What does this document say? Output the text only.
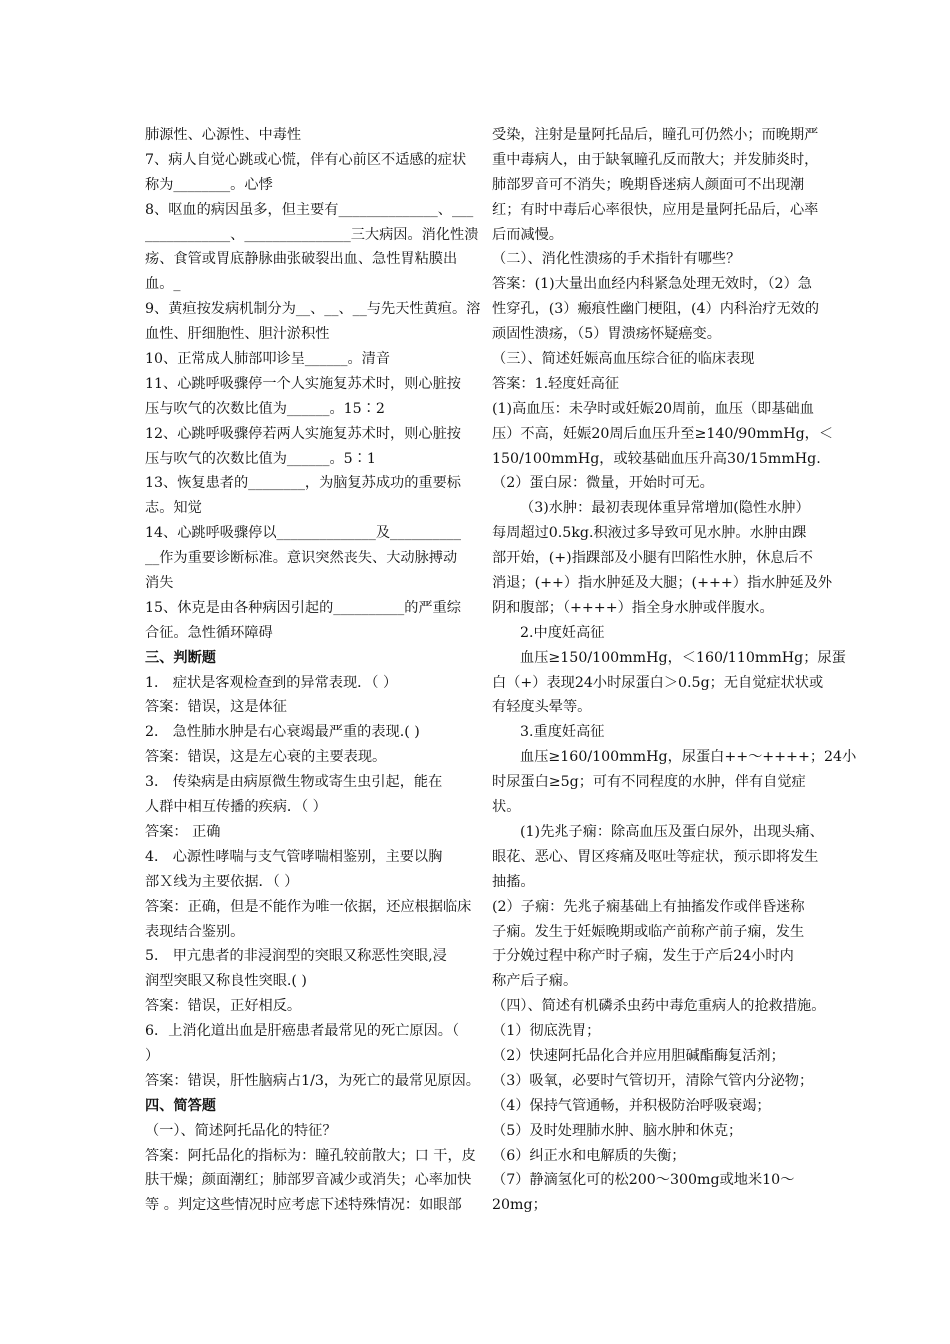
肺源性、心源性、中毒性
7、病人自觉心跳或心慌，伴有心前区不适感的症状
称为________。心悸
8、呕血的病因虽多，但主要有______________、___
____________、_______________三大病因。消化性溃
疡、食管或胃底静脉曲张破裂出血、急性胃粘膜出
血。_
9、黄疸按发病机制分为__、__、__与先天性黄疸。溶
血性、肝细胞性、胆汁淤积性
10、正常成人肺部叩诊呈______。清音
11、心跳呼吸骤停一个人实施复苏术时，则心脏按
压与吹气的次数比值为______。15∶2
12、心跳呼吸骤停若两人实施复苏术时，则心脏按
压与吹气的次数比值为______。5∶1
13、恢复患者的________，为脑复苏成功的重要标
志。知觉
14、心跳呼吸骤停以______________及__________
__作为重要诊断标准。意识突然丧失、大动脉搏动
消失
15、休克是由各种病因引起的__________的严重综
合征。急性循环障碍
三、判断题
1． 症状是客观检查到的异常表现．（ ）
答案：错误，这是体征
2． 急性肺水肿是右心衰竭最严重的表现.( )
答案：错误，这是左心衰的主要表现。
3． 传染病是由病原微生物或寄生虫引起，能在
人群中相互传播的疾病．（ ）
答案： 正确
4． 心源性哮喘与支气管哮喘相鉴别，主要以胸
部Ｘ线为主要依据．（ ）
答案：正确，但是不能作为唯一依据，还应根据临床
表现结合鉴别。
5． 甲亢患者的非浸润型的突眼又称恶性突眼,浸
润型突眼又称良性突眼.( )
答案：错误，正好相反。
6．上消化道出血是肝癌患者最常见的死亡原因。（
）
答案：错误，肝性脑病占1/3，为死亡的最常见原因。
四、简答题
（一）、简述阿托品化的特征？
答案：阿托品化的指标为：瞳孔较前散大；口 干，皮
肤干燥；颜面潮红；肺部罗音减少或消失；心率加快
等 。判定这些情况时应考虑下述特殊情况：如眼部
受染，注射是量阿托品后，瞳孔可仍然小；而晚期严
重中毒病人，由于缺氧瞳孔反而散大；并发肺炎时，
肺部罗音可不消失；晚期昏迷病人颜面可不出现潮
红；有时中毒后心率很快，应用是量阿托品后，心率
后而减慢。
（二）、消化性溃疡的手术指针有哪些？
答案：(1)大量出血经内科紧急处理无效时，（2）急
性穿孔，(3）瘢痕性幽门梗阻，(4）内科治疗无效的
顽固性溃疡，（5）胃溃疡怀疑癌变。
（三）、简述妊娠高血压综合征的临床表现
答案：1.轻度妊高征
(1)高血压：未孕时或妊娠20周前，血压（即基础血
压）不高，妊娠20周后血压升至≥140/90mmHg，＜
150/100mmHg，或较基础血压升高30/15mmHg.
（2）蛋白尿：微量，开始时可无。
（3)水肿：最初表现体重异常增加(隐性水肿）
每周超过0.5kg.积液过多导致可见水肿。水肿由踝
部开始，(+)指踝部及小腿有凹陷性水肿，休息后不
消退；(++）指水肿延及大腿；(+++）指水肿延及外
阴和腹部；（++++）指全身水肿或伴腹水。
2.中度妊高征
血压≥150/100mmHg，＜160/110mmHg；尿蛋
白（+）表现24小时尿蛋白＞0.5g；无自觉症状状或
有轻度头晕等。
3.重度妊高征
血压≥160/100mmHg，尿蛋白++～++++；24小
时尿蛋白≥5g；可有不同程度的水肿，伴有自觉症
状。
(1)先兆子痫：除高血压及蛋白尿外，出现头痛、
眼花、恶心、胃区疼痛及呕吐等症状，预示即将发生
抽搐。
(2）子痫：先兆子痫基础上有抽搐发作或伴昏迷称
子痫。发生于妊娠晚期或临产前称产前子痫，发生
于分娩过程中称产时子痫，发生于产后24小时内
称产后子痫。
（四）、简述有机磷杀虫药中毒危重病人的抢救措施。
（1）彻底洗胃；
（2）快速阿托品化合并应用胆碱酯酶复活剂；
（3）吸氧，必要时气管切开，清除气管内分泌物；
（4）保持气管通畅，并积极防治呼吸衰竭；
（5）及时处理肺水肿、脑水肿和休克；
（6）纠正水和电解质的失衡；
（7）静滴氢化可的松200～300mg或地米10～
20mg；
